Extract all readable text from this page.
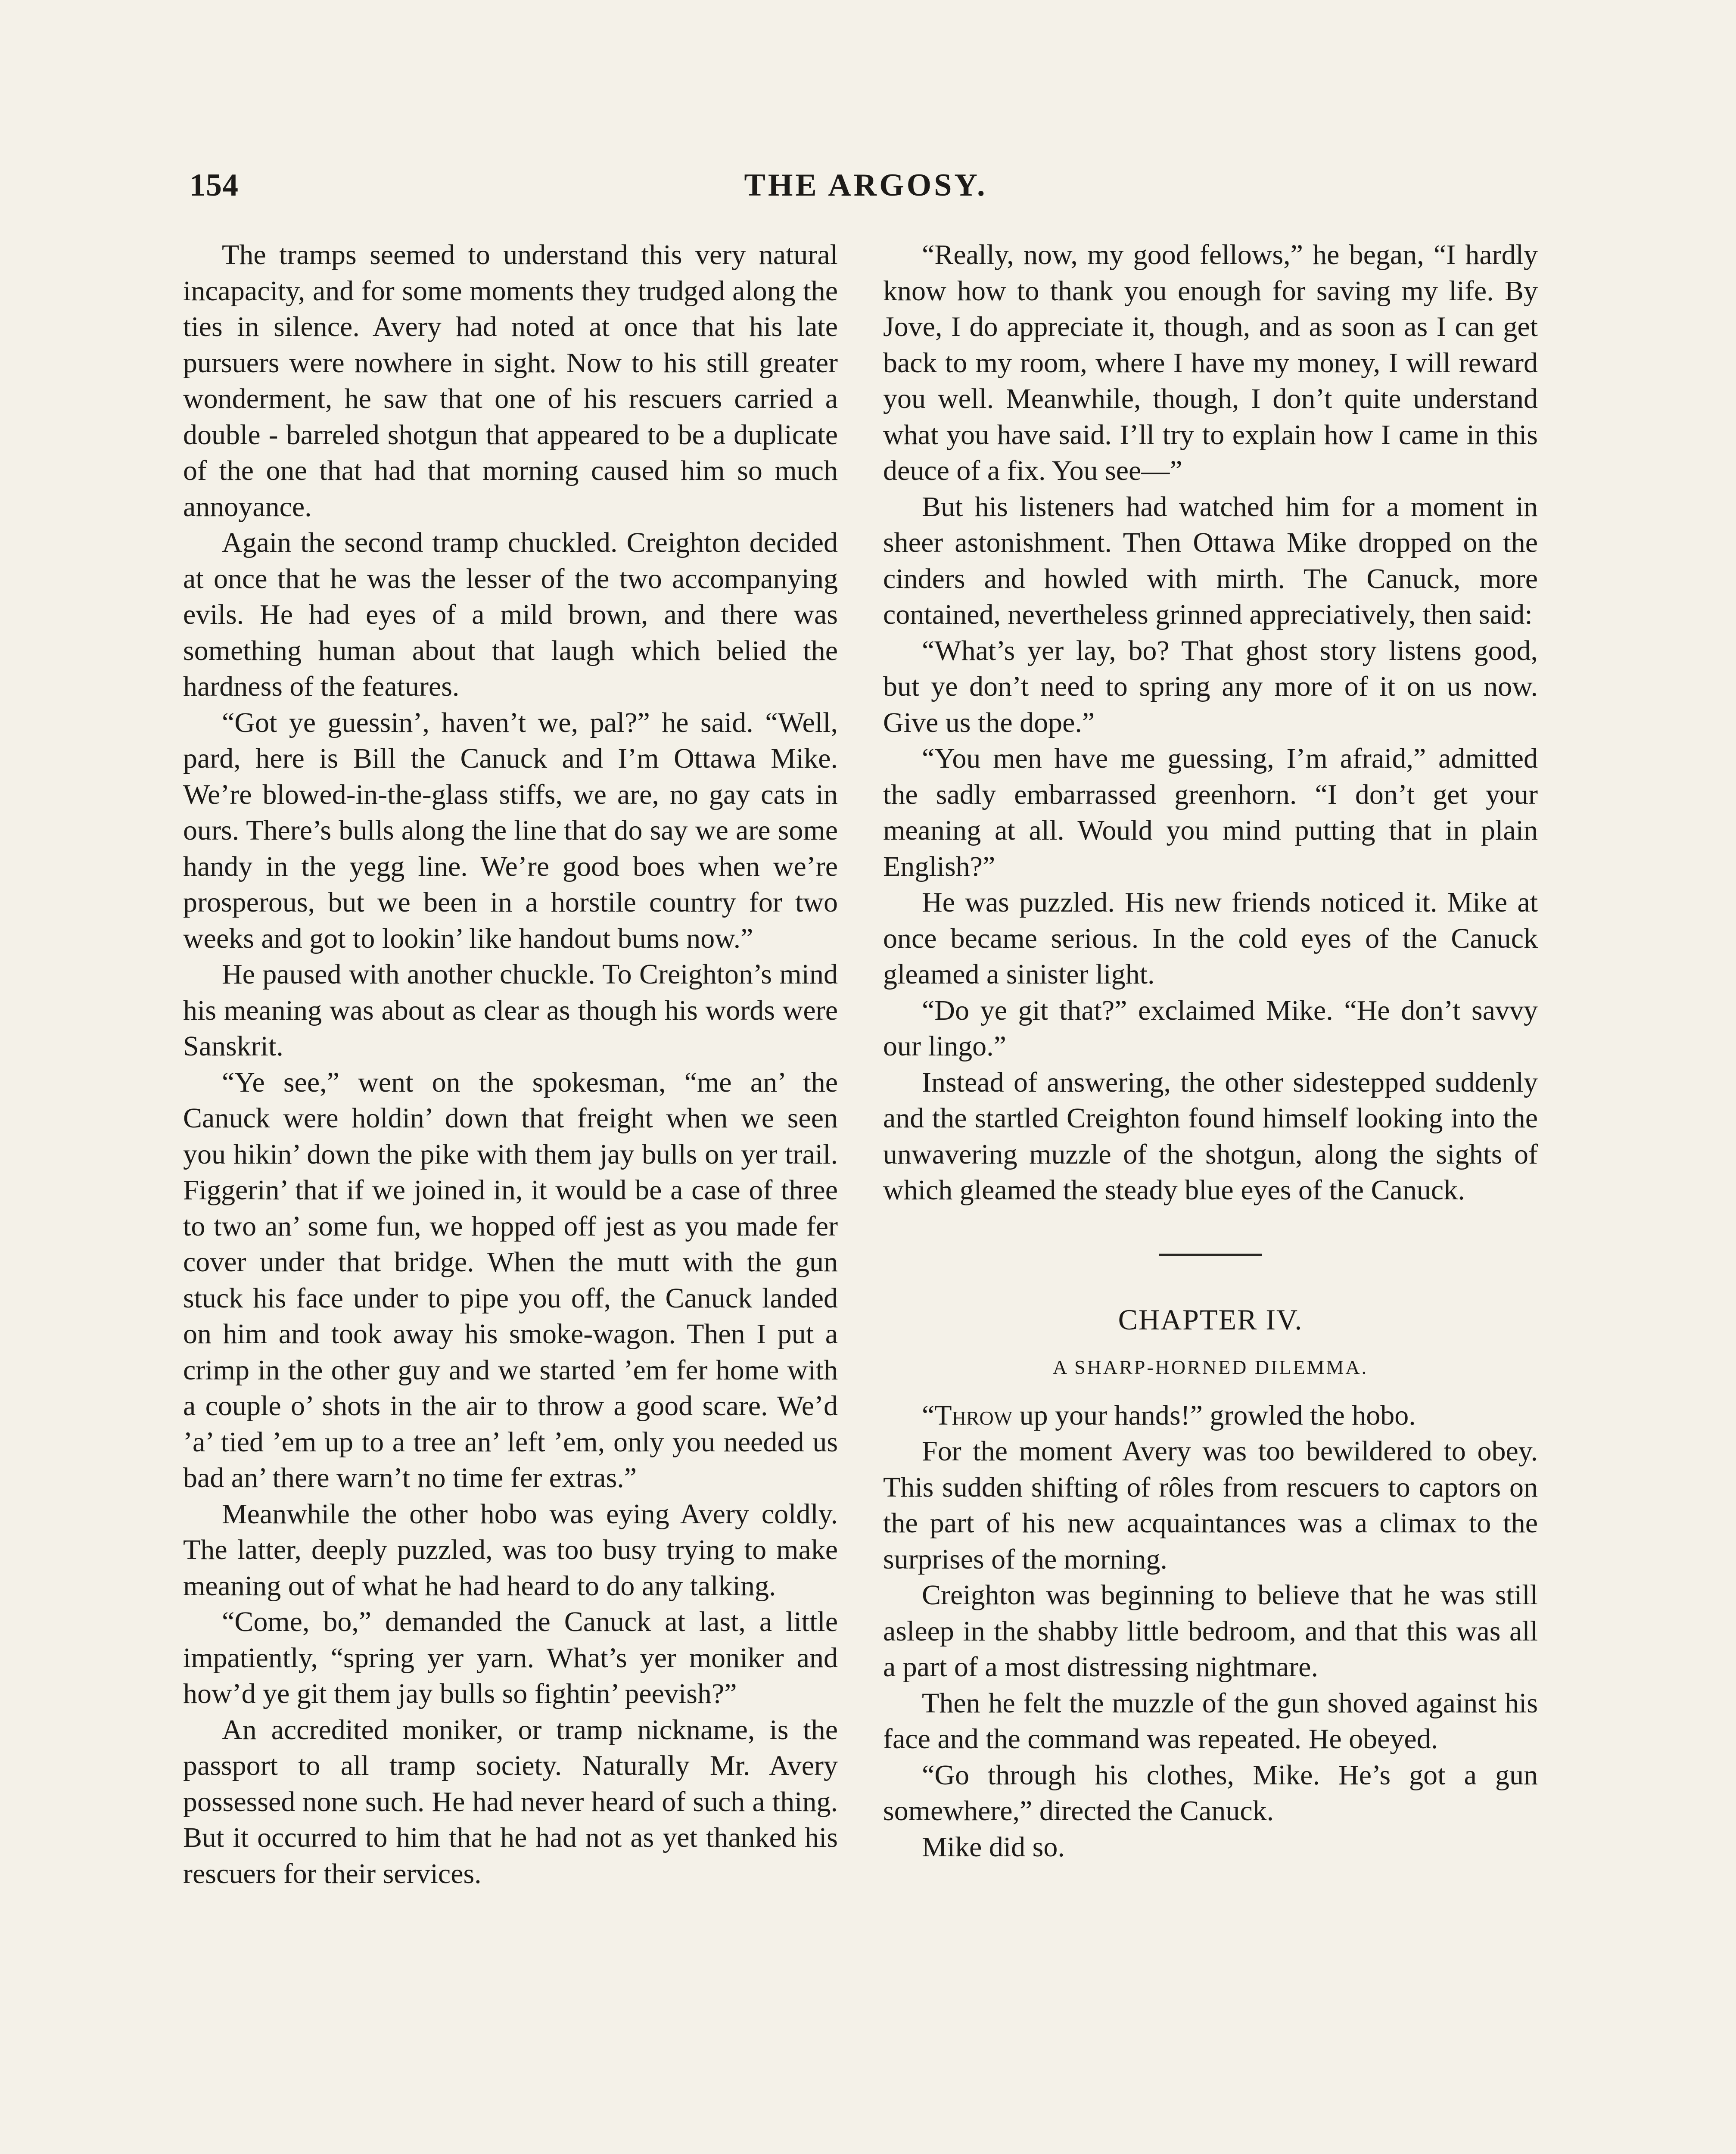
154	THE ARGOSY.

The tramps seemed to understand this very natural incapacity, and for some moments they trudged along the ties in silence. Avery had noted at once that his late pursuers were nowhere in sight. Now to his still greater wonderment, he saw that one of his rescuers carried a double - barreled shotgun that appeared to be a duplicate of the one that had that morning caused him so much annoyance.

Again the second tramp chuckled. Creighton decided at once that he was the lesser of the two accompanying evils. He had eyes of a mild brown, and there was something human about that laugh which belied the hardness of the features.

“Got ye guessin’, haven’t we, pal?” he said. “Well, pard, here is Bill the Canuck and I’m Ottawa Mike. We’re blowed-in-the-glass stiffs, we are, no gay cats in ours. There’s bulls along the line that do say we are some handy in the yegg line. We’re good boes when we’re prosperous, but we been in a horstile country for two weeks and got to lookin’ like handout bums now.”

He paused with another chuckle. To Creighton’s mind his meaning was about as clear as though his words were Sanskrit.

“Ye see,” went on the spokesman, “me an’ the Canuck were holdin’ down that freight when we seen you hikin’ down the pike with them jay bulls on yer trail. Figgerin’ that if we joined in, it would be a case of three to two an’ some fun, we hopped off jest as you made fer cover under that bridge. When the mutt with the gun stuck his face under to pipe you off, the Canuck landed on him and took away his smoke-wagon. Then I put a crimp in the other guy and we started ’em fer home with a couple o’ shots in the air to throw a good scare. We’d ’a’ tied ’em up to a tree an’ left ’em, only you needed us bad an’ there warn’t no time fer extras.”

Meanwhile the other hobo was eying Avery coldly. The latter, deeply puzzled, was too busy trying to make meaning out of what he had heard to do any talking.

“Come, bo,” demanded the Canuck at last, a little impatiently, “spring yer yarn. What’s yer moniker and how’d ye git them jay bulls so fightin’ peevish?”

An accredited moniker, or tramp nickname, is the passport to all tramp society. Naturally Mr. Avery possessed none such. He had never heard of such a thing. But it occurred to him that he had not as yet thanked his rescuers for their services.

“Really, now, my good fellows,” he began, “I hardly know how to thank you enough for saving my life. By Jove, I do appreciate it, though, and as soon as I can get back to my room, where I have my money, I will reward you well. Meanwhile, though, I don’t quite understand what you have said. I’ll try to explain how I came in this deuce of a fix. You see—”

But his listeners had watched him for a moment in sheer astonishment. Then Ottawa Mike dropped on the cinders and howled with mirth. The Canuck, more contained, nevertheless grinned appreciatively, then said:

“What’s yer lay, bo? That ghost story listens good, but ye don’t need to spring any more of it on us now. Give us the dope.”

“You men have me guessing, I’m afraid,” admitted the sadly embarrassed greenhorn. “I don’t get your meaning at all. Would you mind putting that in plain English?”

He was puzzled. His new friends noticed it. Mike at once became serious. In the cold eyes of the Canuck gleamed a sinister light.

“Do ye git that?” exclaimed Mike. “He don’t savvy our lingo.”

Instead of answering, the other sidestepped suddenly and the startled Creighton found himself looking into the unwavering muzzle of the shotgun, along the sights of which gleamed the steady blue eyes of the Canuck.

CHAPTER IV.
A SHARP-HORNED DILEMMA.

“Throw up your hands!” growled the hobo.

For the moment Avery was too bewildered to obey. This sudden shifting of rôles from rescuers to captors on the part of his new acquaintances was a climax to the surprises of the morning.

Creighton was beginning to believe that he was still asleep in the shabby little bedroom, and that this was all a part of a most distressing nightmare.

Then he felt the muzzle of the gun shoved against his face and the command was repeated. He obeyed.

“Go through his clothes, Mike. He’s got a gun somewhere,” directed the Canuck.

Mike did so.
